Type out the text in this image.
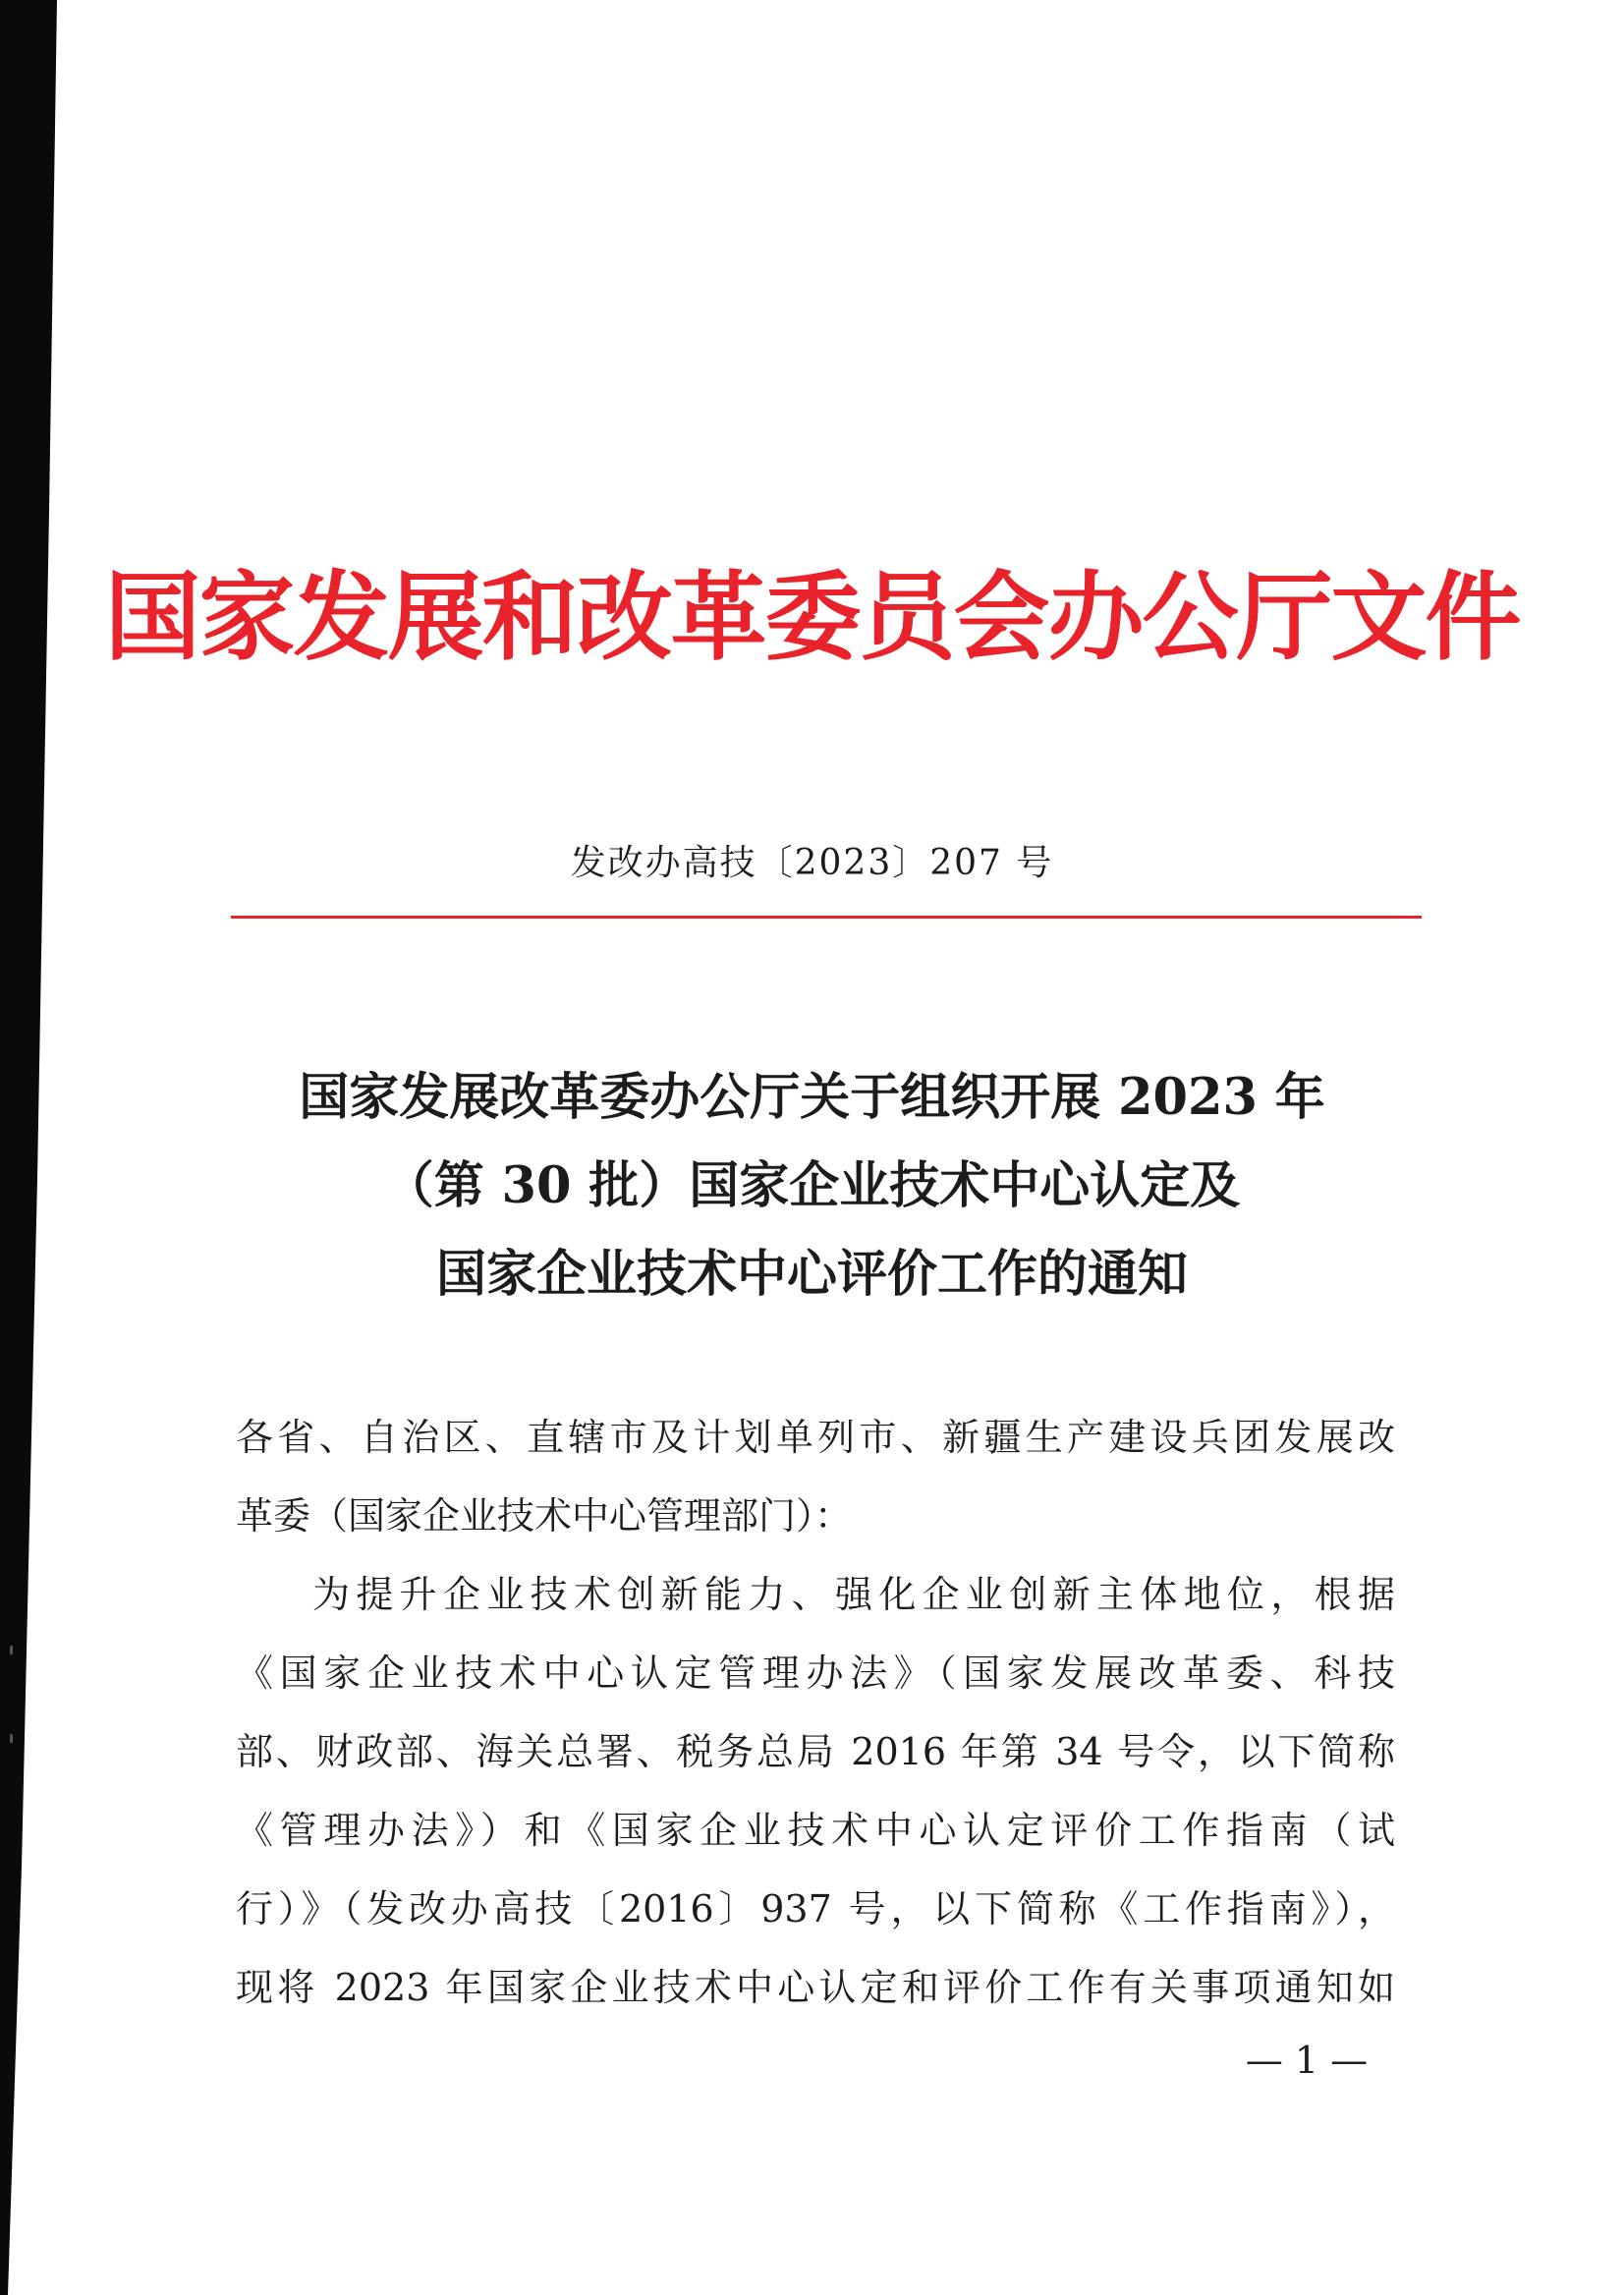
国家发展和改革委员会办公厅文件
发改办高技〔2023〕207 号
国家发展改革委办公厅关于组织开展 2023 年
（第 30 批）国家企业技术中心认定及
国家企业技术中心评价工作的通知
各省、自治区、直辖市及计划单列市、新疆生产建设兵团发展改
革委（国家企业技术中心管理部门）：
为提升企业技术创新能力、强化企业创新主体地位，根据
《国家企业技术中心认定管理办法》（国家发展改革委、科技
部、财政部、海关总署、税务总局 2016 年第 34 号令，以下简称
《管理办法》）和《国家企业技术中心认定评价工作指南（试
行）》（发改办高技〔2016〕937 号，以下简称《工作指南》），
现将 2023 年国家企业技术中心认定和评价工作有关事项通知如
— 1 —
